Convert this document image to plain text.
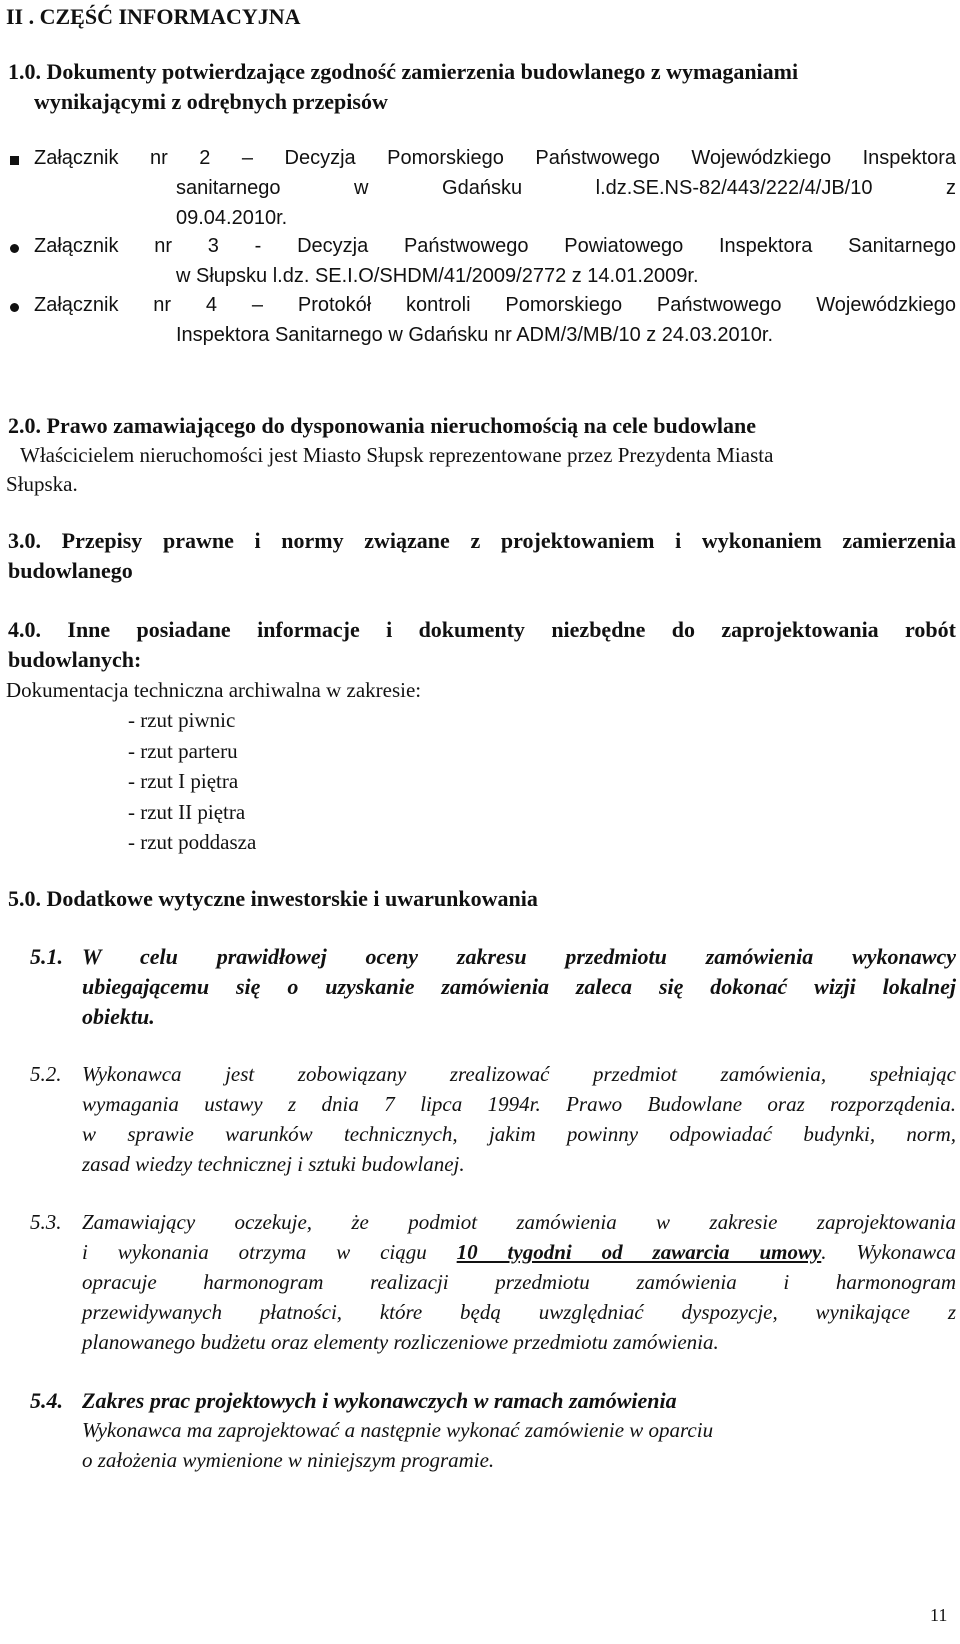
II . CZĘŚĆ INFORMACYJNA
1.0. Dokumenty potwierdzające zgodność zamierzenia budowlanego z wymaganiami
wynikającymi z odrębnych przepisów
Załącznik nr 2 – Decyzja Pomorskiego Państwowego Wojewódzkiego Inspektora
sanitarnego w Gdańsku l.dz.SE.NS-82/443/222/4/JB/10 z
09.04.2010r.
Załącznik nr 3 - Decyzja Państwowego Powiatowego Inspektora Sanitarnego
w Słupsku l.dz. SE.I.O/SHDM/41/2009/2772 z 14.01.2009r.
Załącznik nr 4 – Protokół kontroli Pomorskiego Państwowego Wojewódzkiego
Inspektora Sanitarnego w Gdańsku nr ADM/3/MB/10 z 24.03.2010r.
2.0. Prawo zamawiającego do dysponowania nieruchomością na cele budowlane
Właścicielem nieruchomości jest Miasto Słupsk reprezentowane przez Prezydenta Miasta
Słupska.
3.0. Przepisy prawne i normy związane z projektowaniem i wykonaniem zamierzenia
budowlanego
4.0. Inne posiadane informacje i dokumenty niezbędne do zaprojektowania robót
budowlanych:
Dokumentacja techniczna archiwalna w zakresie:
- rzut piwnic
- rzut parteru
- rzut I piętra
- rzut II piętra
- rzut poddasza
5.0. Dodatkowe wytyczne inwestorskie i uwarunkowania
5.1. W celu prawidłowej oceny zakresu przedmiotu zamówienia wykonawcy
ubiegającemu się o uzyskanie zamówienia zaleca się dokonać wizji lokalnej
obiektu.
5.2. Wykonawca jest zobowiązany zrealizować przedmiot zamówienia, spełniając
wymagania ustawy z dnia 7 lipca 1994r. Prawo Budowlane oraz rozporządenia.
w sprawie warunków technicznych, jakim powinny odpowiadać budynki, norm,
zasad wiedzy technicznej i sztuki budowlanej.
5.3. Zamawiający oczekuje, że podmiot zamówienia w zakresie zaprojektowania
i wykonania otrzyma w ciągu 10 tygodni od zawarcia umowy. Wykonawca
opracuje harmonogram realizacji przedmiotu zamówienia i harmonogram
przewidywanych płatności, które będą uwzględniać dyspozycje, wynikające z
planowanego budżetu oraz elementy rozliczeniowe przedmiotu zamówienia.
5.4. Zakres prac projektowych i wykonawczych w ramach zamówienia
Wykonawca ma zaprojektować a następnie wykonać zamówienie w oparciu
o założenia wymienione w niniejszym programie.
11
